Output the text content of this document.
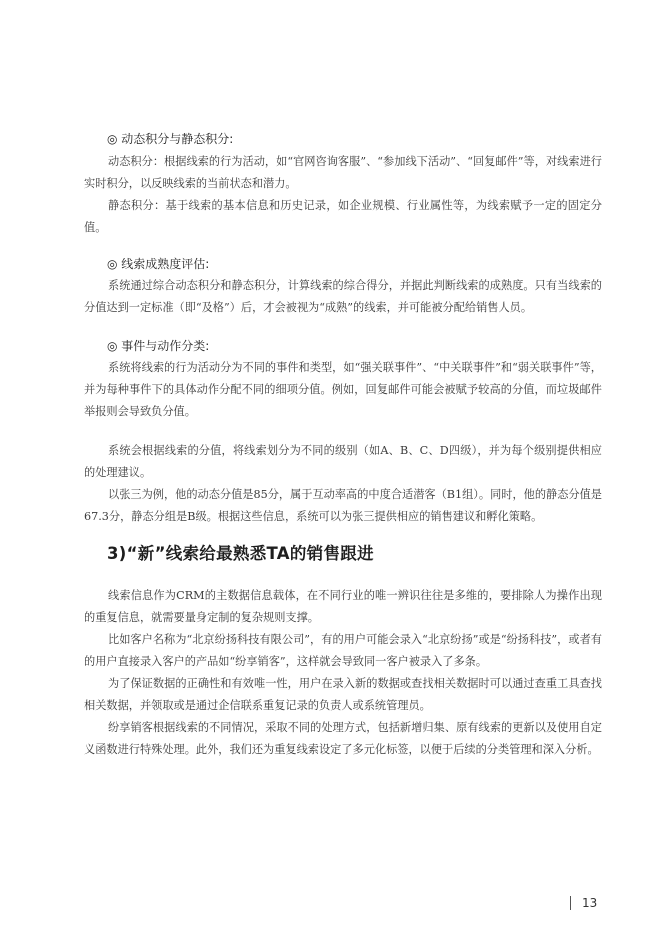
◎ 动态积分与静态积分:

动态积分：根据线索的行为活动，如“官网咨询客服”、“参加线下活动”、“回复邮件”等，对线索进行实时积分，以反映线索的当前状态和潜力。

静态积分：基于线索的基本信息和历史记录，如企业规模、行业属性等，为线索赋予一定的固定分值。

◎ 线索成熟度评估:

系统通过综合动态积分和静态积分，计算线索的综合得分，并据此判断线索的成熟度。只有当线索的分值达到一定标准（即“及格”）后，才会被视为“成熟”的线索，并可能被分配给销售人员。

◎ 事件与动作分类:

系统将线索的行为活动分为不同的事件和类型，如“强关联事件”、“中关联事件”和“弱关联事件”等，并为每种事件下的具体动作分配不同的细项分值。例如，回复邮件可能会被赋予较高的分值，而垃圾邮件举报则会导致负分值。

系统会根据线索的分值，将线索划分为不同的级别（如A、B、C、D四级），并为每个级别提供相应的处理建议。

以张三为例，他的动态分值是85分，属于互动率高的中度合适潜客（B1组）。同时，他的静态分值是67.3分，静态分组是B级。根据这些信息，系统可以为张三提供相应的销售建议和孵化策略。

3)“新”线索给最熟悉TA的销售跟进

线索信息作为CRM的主数据信息载体，在不同行业的唯一辨识往往是多维的，要排除人为操作出现的重复信息，就需要量身定制的复杂规则支撑。

比如客户名称为“北京纷扬科技有限公司”，有的用户可能会录入“北京纷扬”或是“纷扬科技”，或者有的用户直接录入客户的产品如“纷享销客”，这样就会导致同一客户被录入了多条。

为了保证数据的正确性和有效唯一性，用户在录入新的数据或查找相关数据时可以通过查重工具查找相关数据，并领取或是通过企信联系重复记录的负责人或系统管理员。

纷享销客根据线索的不同情况，采取不同的处理方式，包括新增归集、原有线索的更新以及使用自定义函数进行特殊处理。此外，我们还为重复线索设定了多元化标签，以便于后续的分类管理和深入分析。

13
